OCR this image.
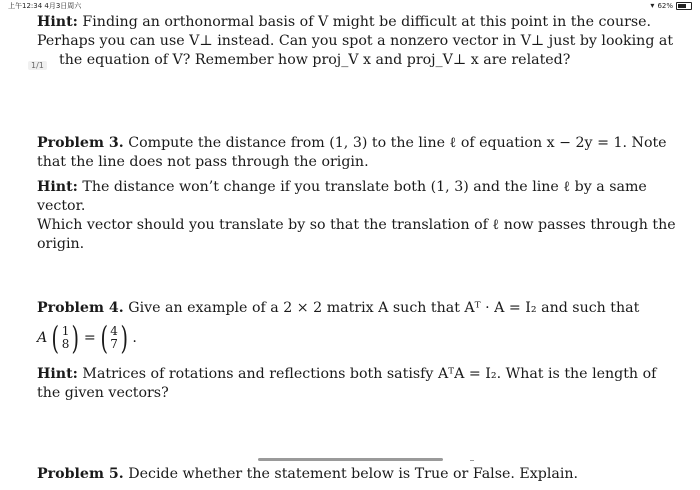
上午12:34 4月3日周六	▾ 62%
1/1

Hint: Finding an orthonormal basis of V might be difficult at this point in the course.
Perhaps you can use V⊥ instead. Can you spot a nonzero vector in V⊥ just by looking at
the equation of V? Remember how proj_V x and proj_V⊥ x are related?

Problem 3. Compute the distance from (1, 3) to the line ℓ of equation x − 2y = 1. Note
that the line does not pass through the origin.

Hint: The distance won’t change if you translate both (1, 3) and the line ℓ by a same vector.
Which vector should you translate by so that the translation of ℓ now passes through the
origin.

Problem 4. Give an example of a 2 × 2 matrix A such that Aᵀ · A = I₂ and such that

A ( 1
8 ) = ( 4
7 ) .

Hint: Matrices of rotations and reflections both satisfy AᵀA = I₂. What is the length of
the given vectors?

Problem 5. Decide whether the statement below is True or False. Explain.
